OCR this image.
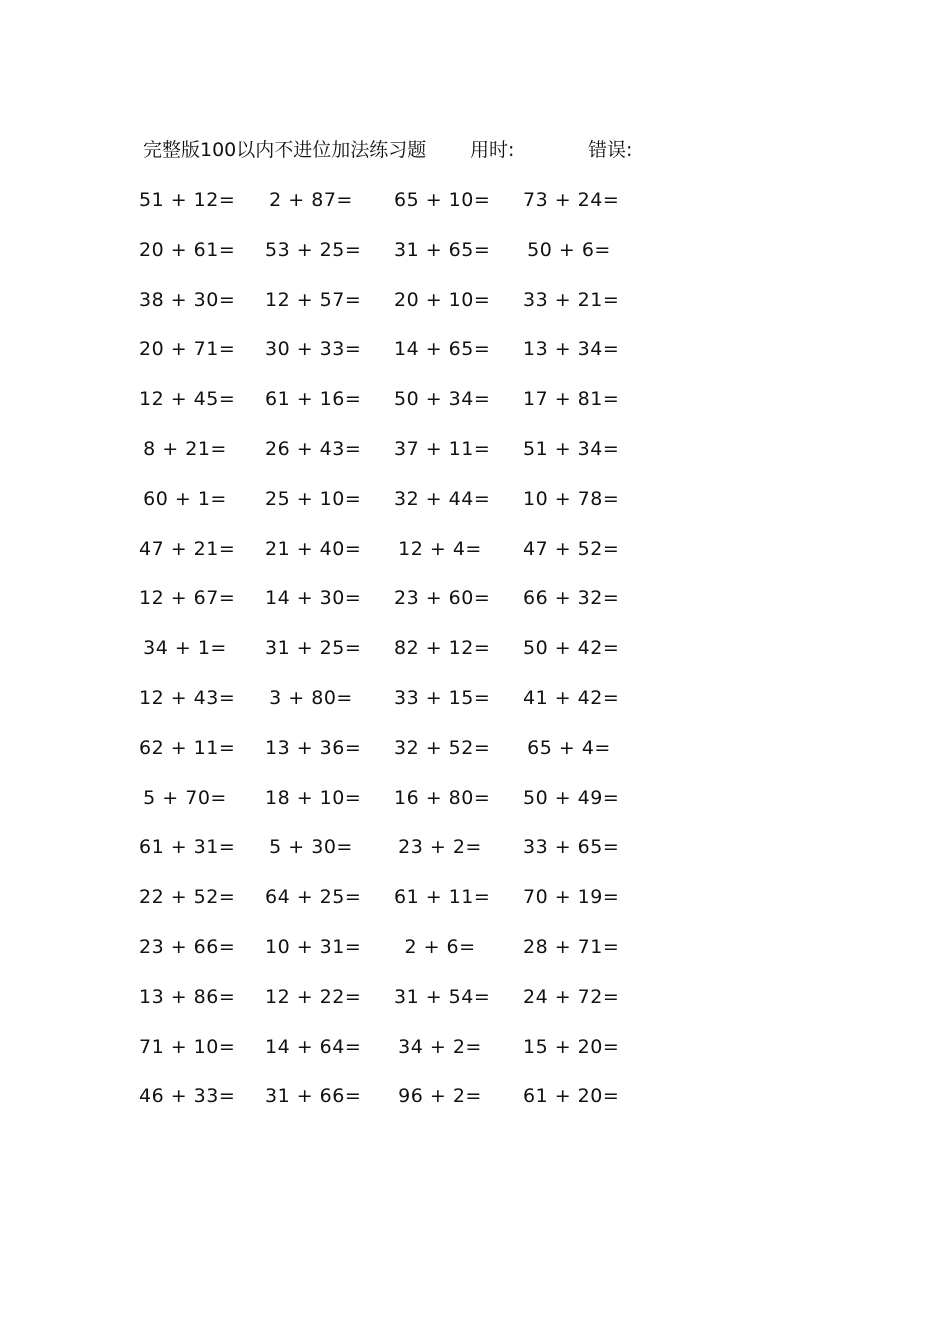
完整版100以内不进位加法练习题 用时:	错误:
51 + 12= 2 + 87= 65 + 10= 73 + 24=
20 + 61= 53 + 25= 31 + 65= 50 + 6=
38 + 30= 12 + 57= 20 + 10= 33 + 21=
20 + 71= 30 + 33= 14 + 65= 13 + 34=
12 + 45= 61 + 16= 50 + 34= 17 + 81=
8 + 21= 26 + 43= 37 + 11= 51 + 34=
60 + 1= 25 + 10= 32 + 44= 10 + 78=
47 + 21= 21 + 40= 12 + 4= 47 + 52=
12 + 67= 14 + 30= 23 + 60= 66 + 32=
34 + 1= 31 + 25= 82 + 12= 50 + 42=
12 + 43= 3 + 80= 33 + 15= 41 + 42=
62 + 11= 13 + 36= 32 + 52= 65 + 4=
5 + 70= 18 + 10= 16 + 80= 50 + 49=
61 + 31= 5 + 30= 23 + 2= 33 + 65=
22 + 52= 64 + 25= 61 + 11= 70 + 19=
23 + 66= 10 + 31=	2 + 6=	28 + 71=
13 + 86= 12 + 22= 31 + 54= 24 + 72=
71 + 10= 14 + 64= 34 + 2= 15 + 20=
46 + 33= 31 + 66= 96 + 2= 61 + 20=
